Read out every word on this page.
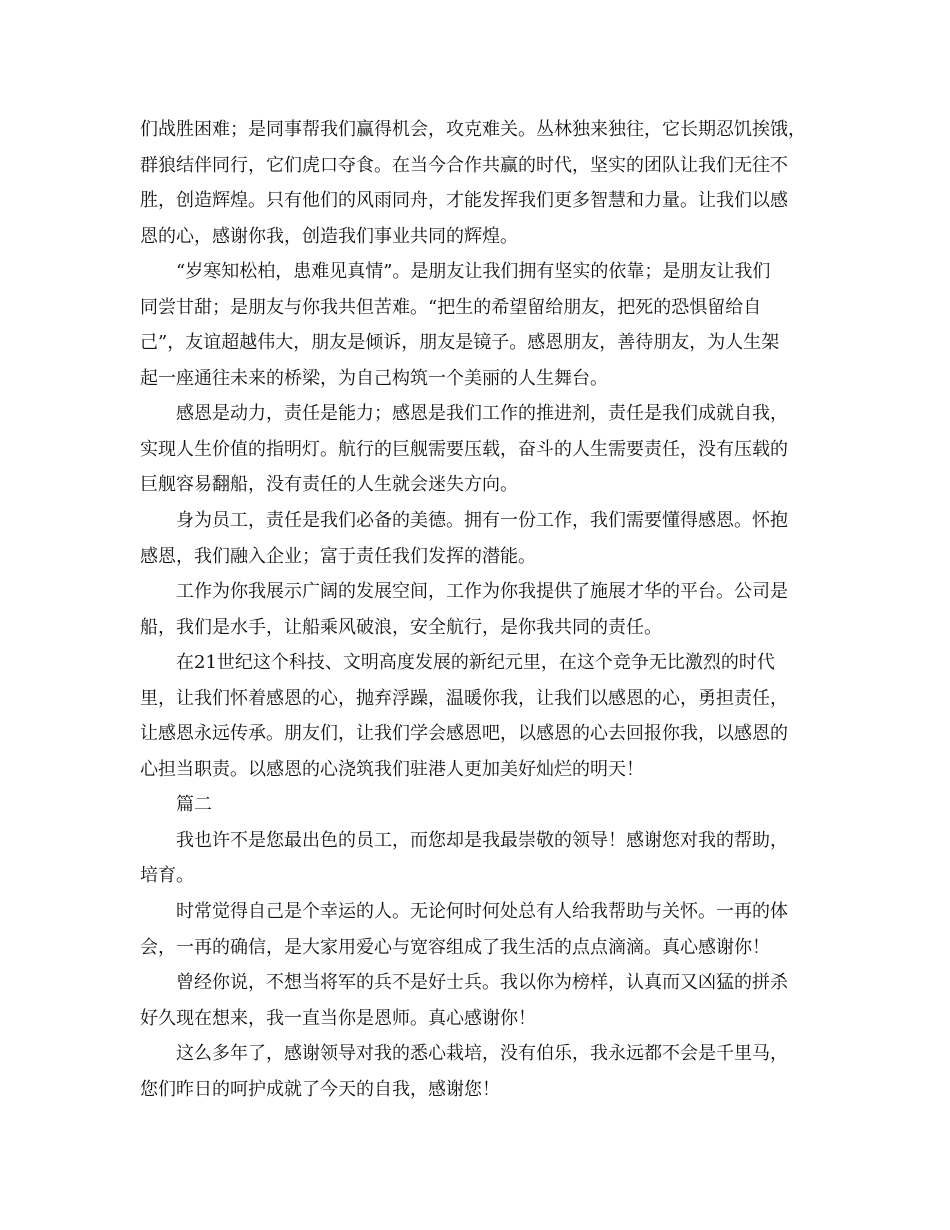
们战胜困难；是同事帮我们赢得机会，攻克难关。丛林独来独往，它长期忍饥挨饿，
群狼结伴同行，它们虎口夺食。在当今合作共赢的时代，坚实的团队让我们无往不
胜，创造辉煌。只有他们的风雨同舟，才能发挥我们更多智慧和力量。让我们以感
恩的心，感谢你我，创造我们事业共同的辉煌。
“岁寒知松柏，患难见真情”。是朋友让我们拥有坚实的依靠；是朋友让我们
同尝甘甜；是朋友与你我共但苦难。“把生的希望留给朋友，把死的恐惧留给自
己”，友谊超越伟大，朋友是倾诉，朋友是镜子。感恩朋友，善待朋友，为人生架
起一座通往未来的桥梁，为自己构筑一个美丽的人生舞台。
感恩是动力，责任是能力；感恩是我们工作的推进剂，责任是我们成就自我，
实现人生价值的指明灯。航行的巨舰需要压载，奋斗的人生需要责任，没有压载的
巨舰容易翻船，没有责任的人生就会迷失方向。
身为员工，责任是我们必备的美德。拥有一份工作，我们需要懂得感恩。怀抱
感恩，我们融入企业；富于责任我们发挥的潜能。
工作为你我展示广阔的发展空间，工作为你我提供了施展才华的平台。公司是
船，我们是水手，让船乘风破浪，安全航行，是你我共同的责任。
在21世纪这个科技、文明高度发展的新纪元里，在这个竞争无比激烈的时代
里，让我们怀着感恩的心，抛弃浮躁，温暖你我，让我们以感恩的心，勇担责任，
让感恩永远传承。朋友们，让我们学会感恩吧，以感恩的心去回报你我，以感恩的
心担当职责。以感恩的心浇筑我们驻港人更加美好灿烂的明天！
篇二
我也许不是您最出色的员工，而您却是我最崇敬的领导！感谢您对我的帮助，
培育。
时常觉得自己是个幸运的人。无论何时何处总有人给我帮助与关怀。一再的体
会，一再的确信，是大家用爱心与宽容组成了我生活的点点滴滴。真心感谢你！
曾经你说，不想当将军的兵不是好士兵。我以你为榜样，认真而又凶猛的拼杀
好久现在想来，我一直当你是恩师。真心感谢你！
这么多年了，感谢领导对我的悉心栽培，没有伯乐，我永远都不会是千里马，
您们昨日的呵护成就了今天的自我，感谢您！
